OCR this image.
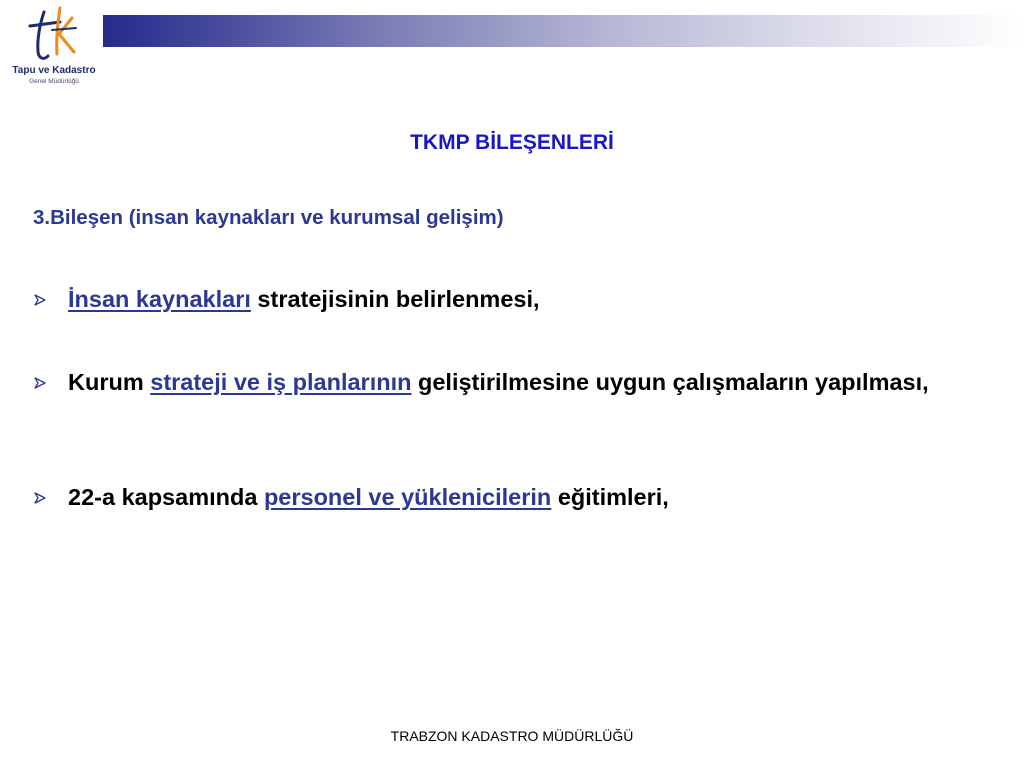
Tapu ve Kadastro
Genel Müdürlüğü
TKMP BİLEŞENLERİ
3.Bileşen (insan kaynakları ve kurumsal gelişim)
İnsan kaynakları stratejisinin belirlenmesi,
Kurum strateji ve iş planlarının geliştirilmesine uygun çalışmaların yapılması,
22-a kapsamında personel ve yüklenicilerin eğitimleri,
TRABZON KADASTRO MÜDÜRLÜĞÜ
